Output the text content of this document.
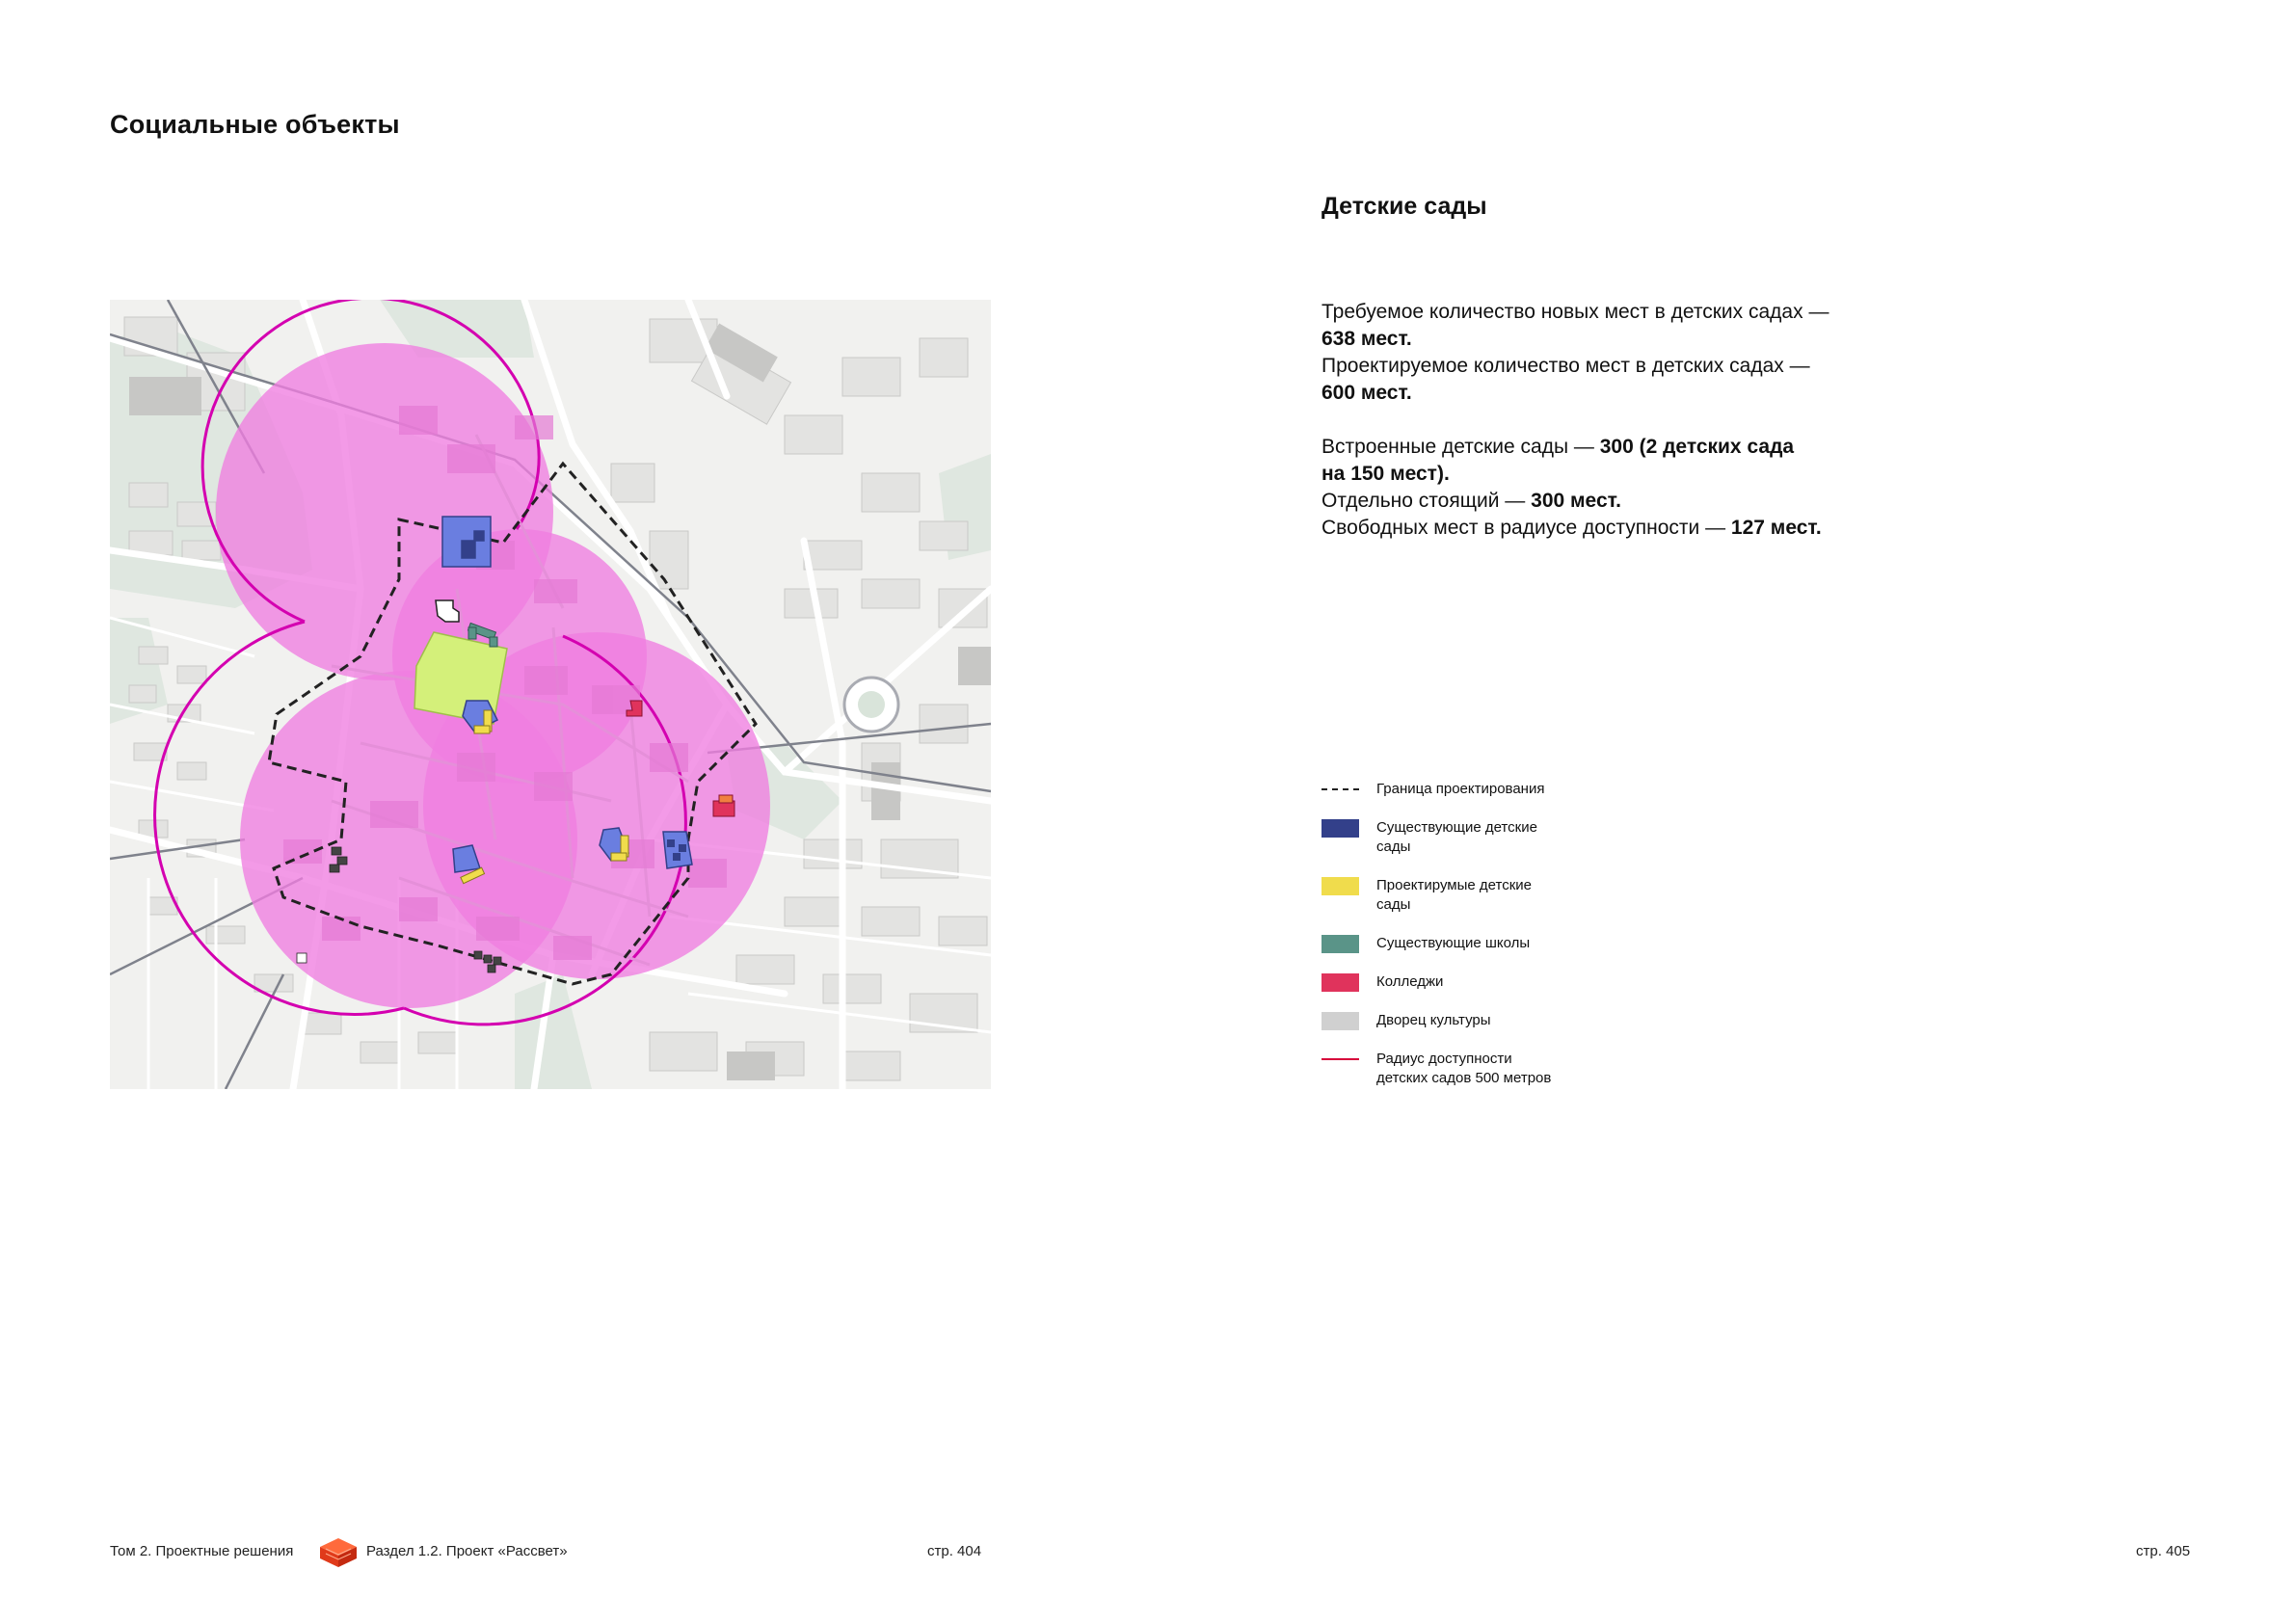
Социальные объекты
Детские сады

Требуемое количество новых мест в детских садах —

638 мест.

Проектируемое количество мест в детских садах —

600 мест.

Встроенные детские сады — 300 (2 детских сада

на 150 мест).

Отдельно стоящий — 300 мест.

Свободных мест в радиусе доступности — 127 мест.

Граница проектирования
Существующие детские
сады
Проектирумые детские
сады
Существующие школы
Колледжи
Дворец культуры
Радиус доступности
детских садов 500 метров
Том 2. Проектные решения	Раздел 1.2. Проект «Рассвет»	стр. 404	стр. 405
